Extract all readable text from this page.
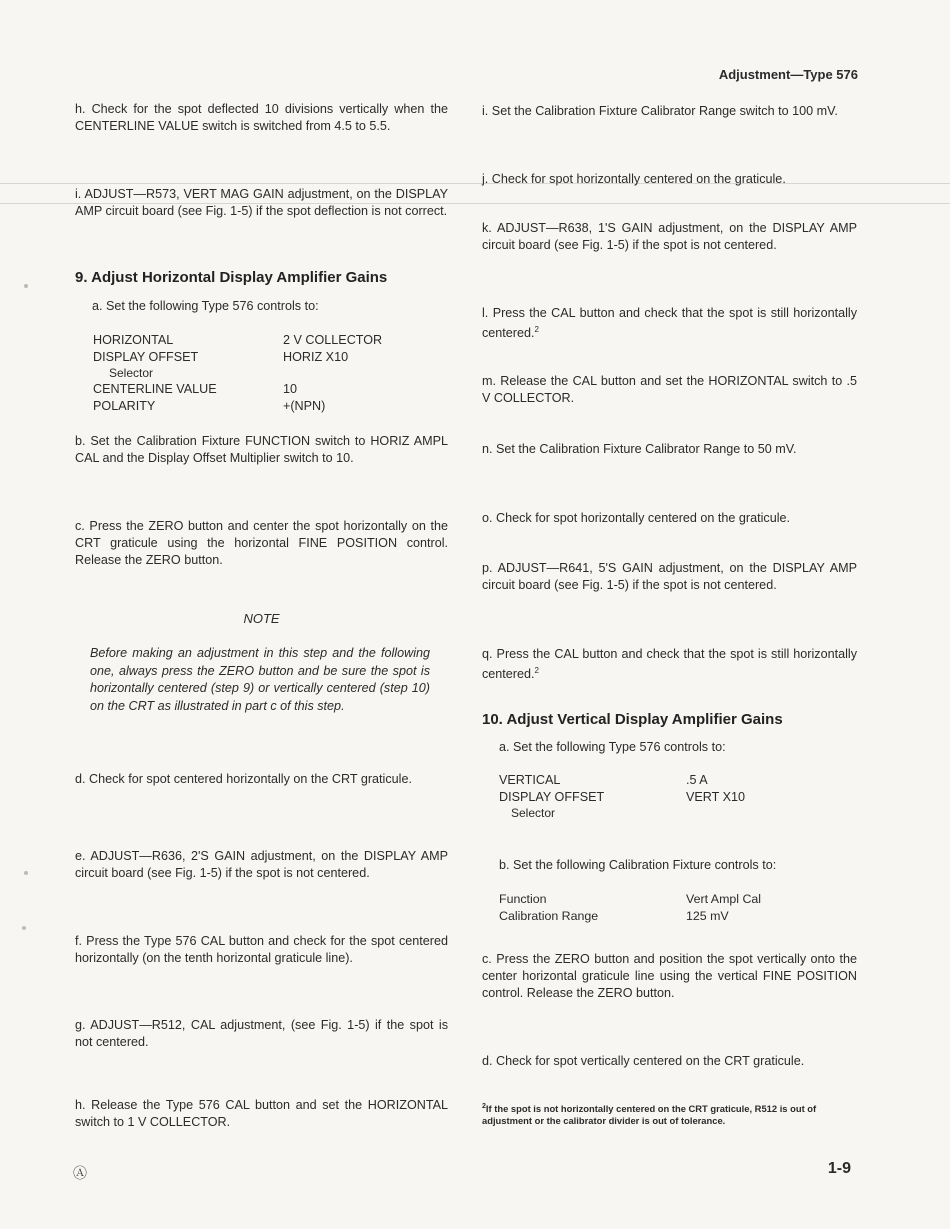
Adjustment—Type 576
h. Check for the spot deflected 10 divisions vertically when the CENTERLINE VALUE switch is switched from 4.5 to 5.5.
i. ADJUST—R573, VERT MAG GAIN adjustment, on the DISPLAY AMP circuit board (see Fig. 1-5) if the spot deflection is not correct.
9. Adjust Horizontal Display Amplifier Gains
a. Set the following Type 576 controls to:
HORIZONTAL	2 V COLLECTOR
DISPLAY OFFSET	HORIZ X10
Selector
CENTERLINE VALUE	10
POLARITY	+(NPN)
b. Set the Calibration Fixture FUNCTION switch to HORIZ AMPL CAL and the Display Offset Multiplier switch to 10.
c. Press the ZERO button and center the spot horizontally on the CRT graticule using the horizontal FINE POSITION control. Release the ZERO button.
NOTE
Before making an adjustment in this step and the following one, always press the ZERO button and be sure the spot is horizontally centered (step 9) or vertically centered (step 10) on the CRT as illustrated in part c of this step.
d. Check for spot centered horizontally on the CRT graticule.
e. ADJUST—R636, 2'S GAIN adjustment, on the DISPLAY AMP circuit board (see Fig. 1-5) if the spot is not centered.
f. Press the Type 576 CAL button and check for the spot centered horizontally (on the tenth horizontal graticule line).
g. ADJUST—R512, CAL adjustment, (see Fig. 1-5) if the spot is not centered.
h. Release the Type 576 CAL button and set the HORIZONTAL switch to 1 V COLLECTOR.
Ⓐ	1-9
i. Set the Calibration Fixture Calibrator Range switch to 100 mV.
j. Check for spot horizontally centered on the graticule.
k. ADJUST—R638, 1'S GAIN adjustment, on the DISPLAY AMP circuit board (see Fig. 1-5) if the spot is not centered.
l. Press the CAL button and check that the spot is still horizontally centered.$^2$
m. Release the CAL button and set the HORIZONTAL switch to .5 V COLLECTOR.
n. Set the Calibration Fixture Calibrator Range to 50 mV.
o. Check for spot horizontally centered on the graticule.
p. ADJUST—R641, 5'S GAIN adjustment, on the DISPLAY AMP circuit board (see Fig. 1-5) if the spot is not centered.
q. Press the CAL button and check that the spot is still horizontally centered.$^2$
10. Adjust Vertical Display Amplifier Gains
a. Set the following Type 576 controls to:
VERTICAL	.5 A
DISPLAY OFFSET	VERT X10
Selector
b. Set the following Calibration Fixture controls to:
Function	Vert Ampl Cal
Calibration Range	125 mV
c. Press the ZERO button and position the spot vertically onto the center horizontal graticule line using the vertical FINE POSITION control. Release the ZERO button.
d. Check for spot vertically centered on the CRT graticule.
$^2$If the spot is not horizontally centered on the CRT graticule, R512 is out of adjustment or the calibrator divider is out of tolerance.
